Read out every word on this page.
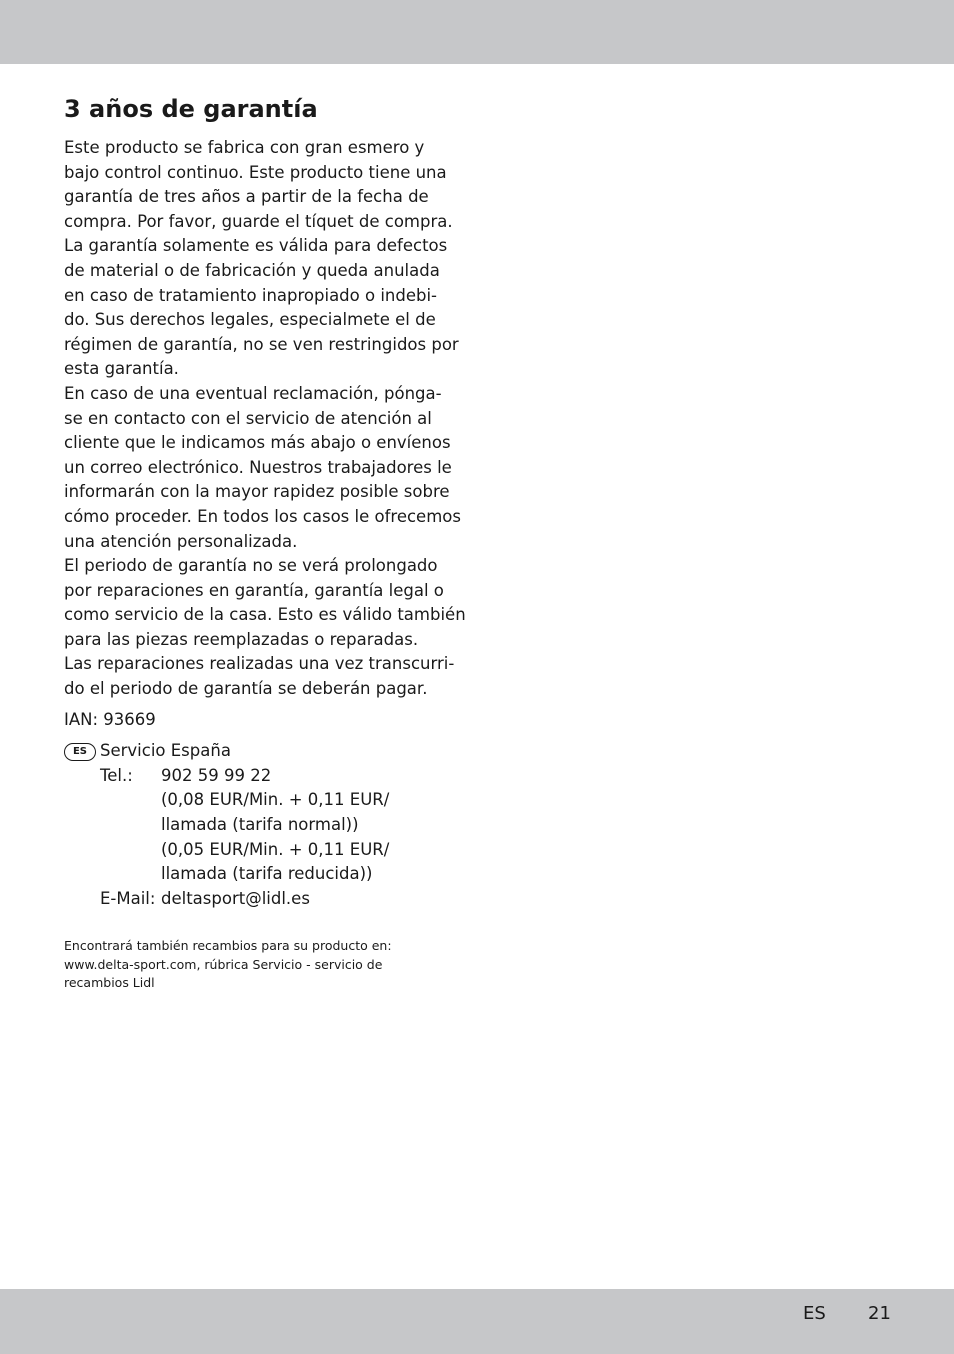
3 años de garantía
Este producto se fabrica con gran esmero y
bajo control continuo. Este producto tiene una
garantía de tres años a partir de la fecha de
compra. Por favor, guarde el tíquet de compra.
La garantía solamente es válida para defectos
de material o de fabricación y queda anulada
en caso de tratamiento inapropiado o indebi-
do. Sus derechos legales, especialmete el de
régimen de garantía, no se ven restringidos por
esta garantía.
En caso de una eventual reclamación, pónga-
se en contacto con el servicio de atención al
cliente que le indicamos más abajo o envíenos
un correo electrónico. Nuestros trabajadores le
informarán con la mayor rapidez posible sobre
cómo proceder. En todos los casos le ofrecemos
una atención personalizada.
El periodo de garantía no se verá prolongado
por reparaciones en garantía, garantía legal o
como servicio de la casa. Esto es válido también
para las piezas reemplazadas o reparadas.
Las reparaciones realizadas una vez transcurri-
do el periodo de garantía se deberán pagar.
IAN: 93669
ES Servicio España
Tel.:	902 59 99 22
(0,08 EUR/Min. + 0,11 EUR/
llamada (tarifa normal))
(0,05 EUR/Min. + 0,11 EUR/
llamada (tarifa reducida))
E-Mail: deltasport@lidl.es
Encontrará también recambios para su producto en:
www.delta-sport.com, rúbrica Servicio - servicio de
recambios Lidl
ES 21
